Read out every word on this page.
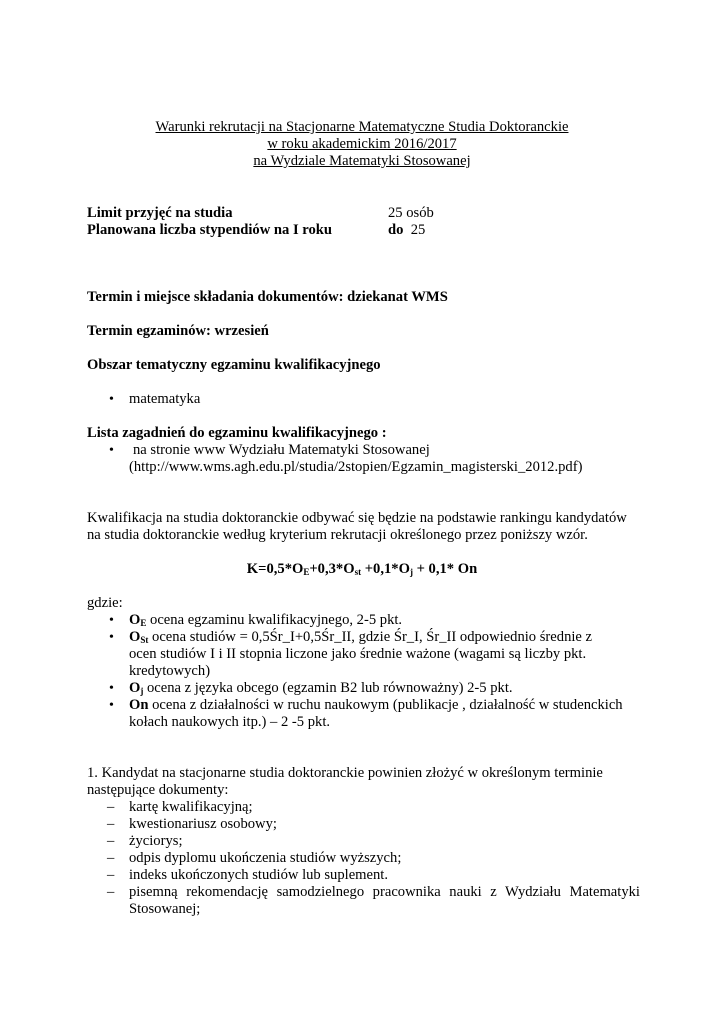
Warunki rekrutacji na Stacjonarne Matematyczne Studia Doktoranckie
w roku akademickim 2016/2017
na Wydziale Matematyki Stosowanej
Limit przyjęć na studia	25 osób
Planowana liczba stypendiów na I roku	do 25
Termin i miejsce składania dokumentów: dziekanat WMS
Termin egzaminów: wrzesień
Obszar tematyczny egzaminu kwalifikacyjnego
• matematyka
Lista zagadnień do egzaminu kwalifikacyjnego :
• na stronie www Wydziału Matematyki Stosowanej
(http://www.wms.agh.edu.pl/studia/2stopien/Egzamin_magisterski_2012.pdf)
Kwalifikacja na studia doktoranckie odbywać się będzie na podstawie rankingu kandydatów
na studia doktoranckie według kryterium rekrutacji określonego przez poniższy wzór.
$K=0,5*O_E+0,3*O_{st} +0,1*O_j + 0,1*$ On
gdzie:
• $O_E$ ocena egzaminu kwalifikacyjnego, 2-5 pkt.
• $O_{St}$ ocena studiów = 0,5Śr_I+0,5Śr_II, gdzie Śr_I, Śr_II odpowiednio średnie z
ocen studiów I i II stopnia liczone jako średnie ważone (wagami są liczby pkt.
kredytowych)
• $O_j$ ocena z języka obcego (egzamin B2 lub równoważny) 2-5 pkt.
• On ocena z działalności w ruchu naukowym (publikacje , działalność w studenckich
kołach naukowych itp.) – 2 -5 pkt.
1. Kandydat na stacjonarne studia doktoranckie powinien złożyć w określonym terminie
następujące dokumenty:
– kartę kwalifikacyjną;
– kwestionariusz osobowy;
– życiorys;
– odpis dyplomu ukończenia studiów wyższych;
– indeks ukończonych studiów lub suplement.
– pisemną rekomendację samodzielnego pracownika nauki z Wydziału Matematyki
Stosowanej;
